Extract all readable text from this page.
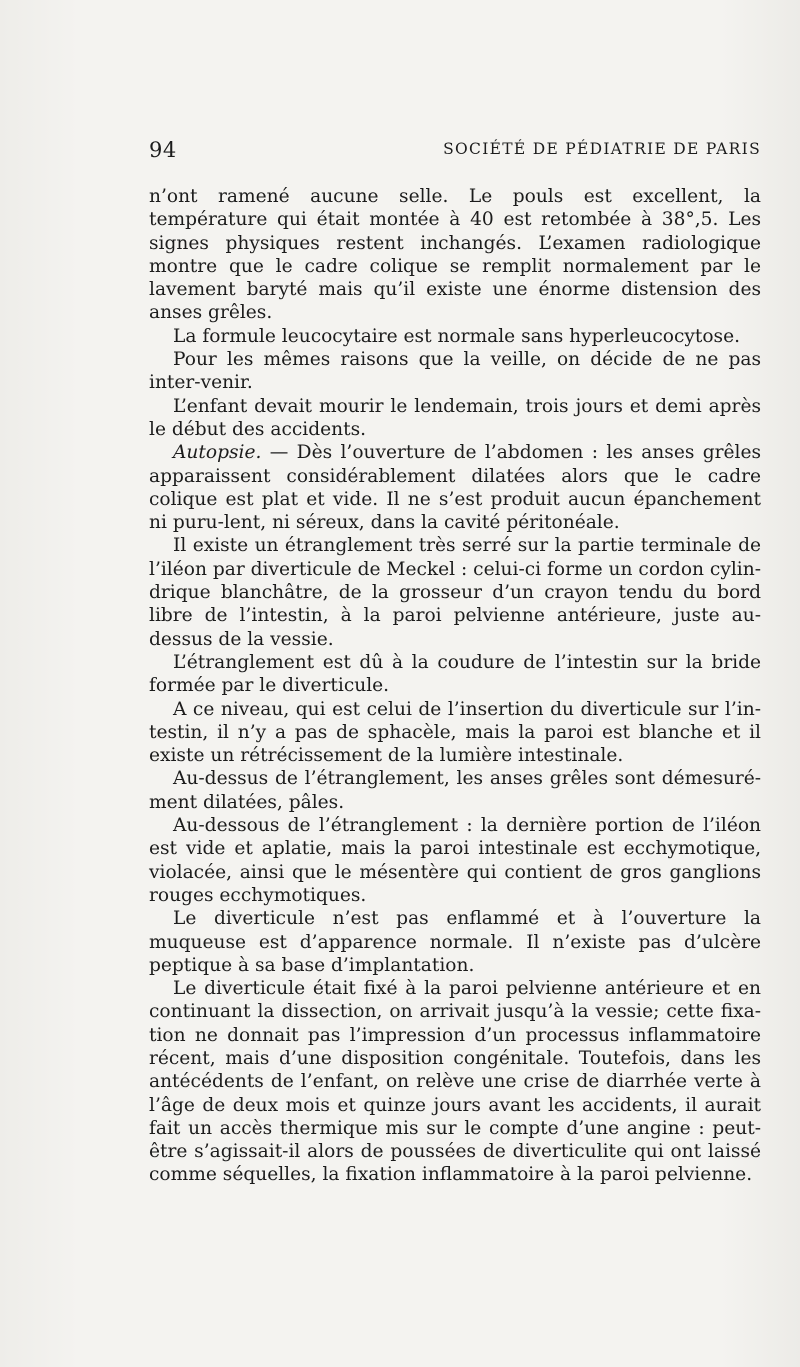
94	SOCIÉTÉ DE PÉDIATRIE DE PARIS

n’ont ramené aucune selle. Le pouls est excellent, la température qui était montée à 40 est retombée à 38°,5. Les signes physiques restent inchangés. L’examen radiologique montre que le cadre colique se remplit normalement par le lavement baryté mais qu’il existe une énorme distension des anses grêles.

La formule leucocytaire est normale sans hyperleucocytose.

Pour les mêmes raisons que la veille, on décide de ne pas inter-venir.

L’enfant devait mourir le lendemain, trois jours et demi après le début des accidents.

Autopsie. — Dès l’ouverture de l’abdomen : les anses grêles apparaissent considérablement dilatées alors que le cadre colique est plat et vide. Il ne s’est produit aucun épanchement ni puru-lent, ni séreux, dans la cavité péritonéale.

Il existe un étranglement très serré sur la partie terminale de l’iléon par diverticule de Meckel : celui-ci forme un cordon cylin-drique blanchâtre, de la grosseur d’un crayon tendu du bord libre de l’intestin, à la paroi pelvienne antérieure, juste au-dessus de la vessie.

L’étranglement est dû à la coudure de l’intestin sur la bride formée par le diverticule.

A ce niveau, qui est celui de l’insertion du diverticule sur l’in-testin, il n’y a pas de sphacèle, mais la paroi est blanche et il existe un rétrécissement de la lumière intestinale.

Au-dessus de l’étranglement, les anses grêles sont démesuré-ment dilatées, pâles.

Au-dessous de l’étranglement : la dernière portion de l’iléon est vide et aplatie, mais la paroi intestinale est ecchymotique, violacée, ainsi que le mésentère qui contient de gros ganglions rouges ecchymotiques.

Le diverticule n’est pas enflammé et à l’ouverture la muqueuse est d’apparence normale. Il n’existe pas d’ulcère peptique à sa base d’implantation.

Le diverticule était fixé à la paroi pelvienne antérieure et en continuant la dissection, on arrivait jusqu’à la vessie; cette fixa-tion ne donnait pas l’impression d’un processus inflammatoire récent, mais d’une disposition congénitale. Toutefois, dans les antécédents de l’enfant, on relève une crise de diarrhée verte à l’âge de deux mois et quinze jours avant les accidents, il aurait fait un accès thermique mis sur le compte d’une angine : peut-être s’agissait-il alors de poussées de diverticulite qui ont laissé comme séquelles, la fixation inflammatoire à la paroi pelvienne.
